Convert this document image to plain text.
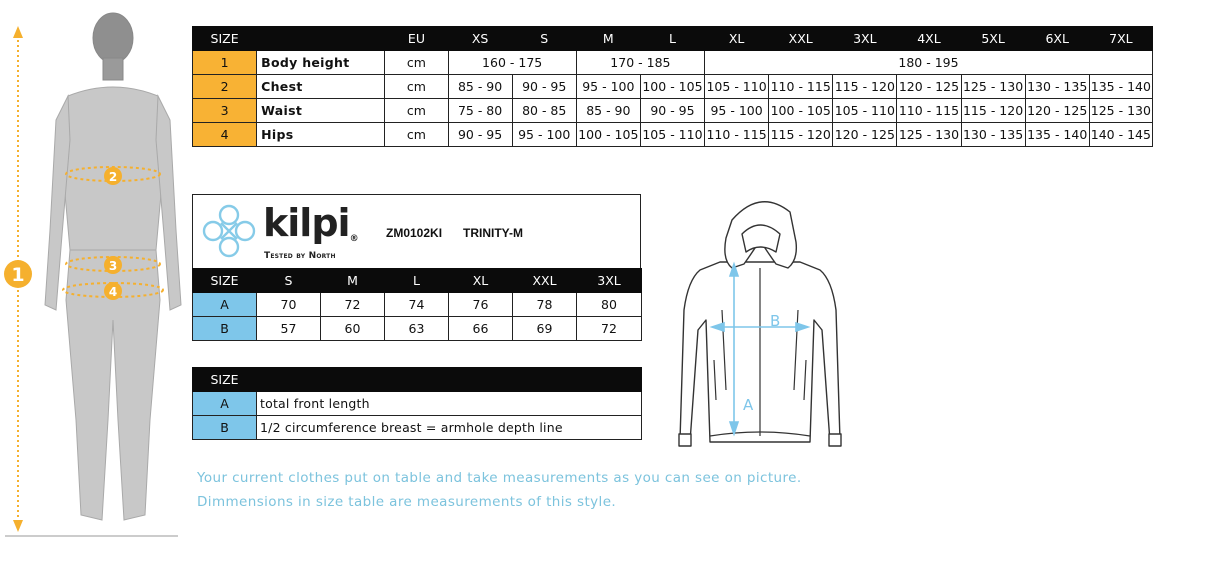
1
2
3
4
SIZE		EU	XS	S	M	L	XL	XXL	3XL	4XL	5XL	6XL	7XL
1	Body height	cm	160 - 175		170 - 185		180 - 195						
2	Chest	cm	85 - 90	90 - 95	95 - 100	100 - 105	105 - 110	110 - 115	115 - 120	120 - 125	125 - 130	130 - 135	135 - 140
3	Waist	cm	75 - 80	80 - 85	85 - 90	90 - 95	95 - 100	100 - 105	105 - 110	110 - 115	115 - 120	120 - 125	125 - 130
4	Hips	cm	90 - 95	95 - 100	100 - 105	105 - 110	110 - 115	115 - 120	120 - 125	125 - 130	130 - 135	135 - 140	140 - 145
kilpi®
Tested by North
ZM0102KI TRINITY-M
SIZE	S	M	L	XL	XXL	3XL
A	70	72	74	76	78	80
B	57	60	63	66	69	72
SIZE	
A	total front length
B	1/2 circumference breast = armhole depth line
Your current clothes put on table and take measurements as you can see on picture.
Dimmensions in size table are measurements of this style.
A
B
